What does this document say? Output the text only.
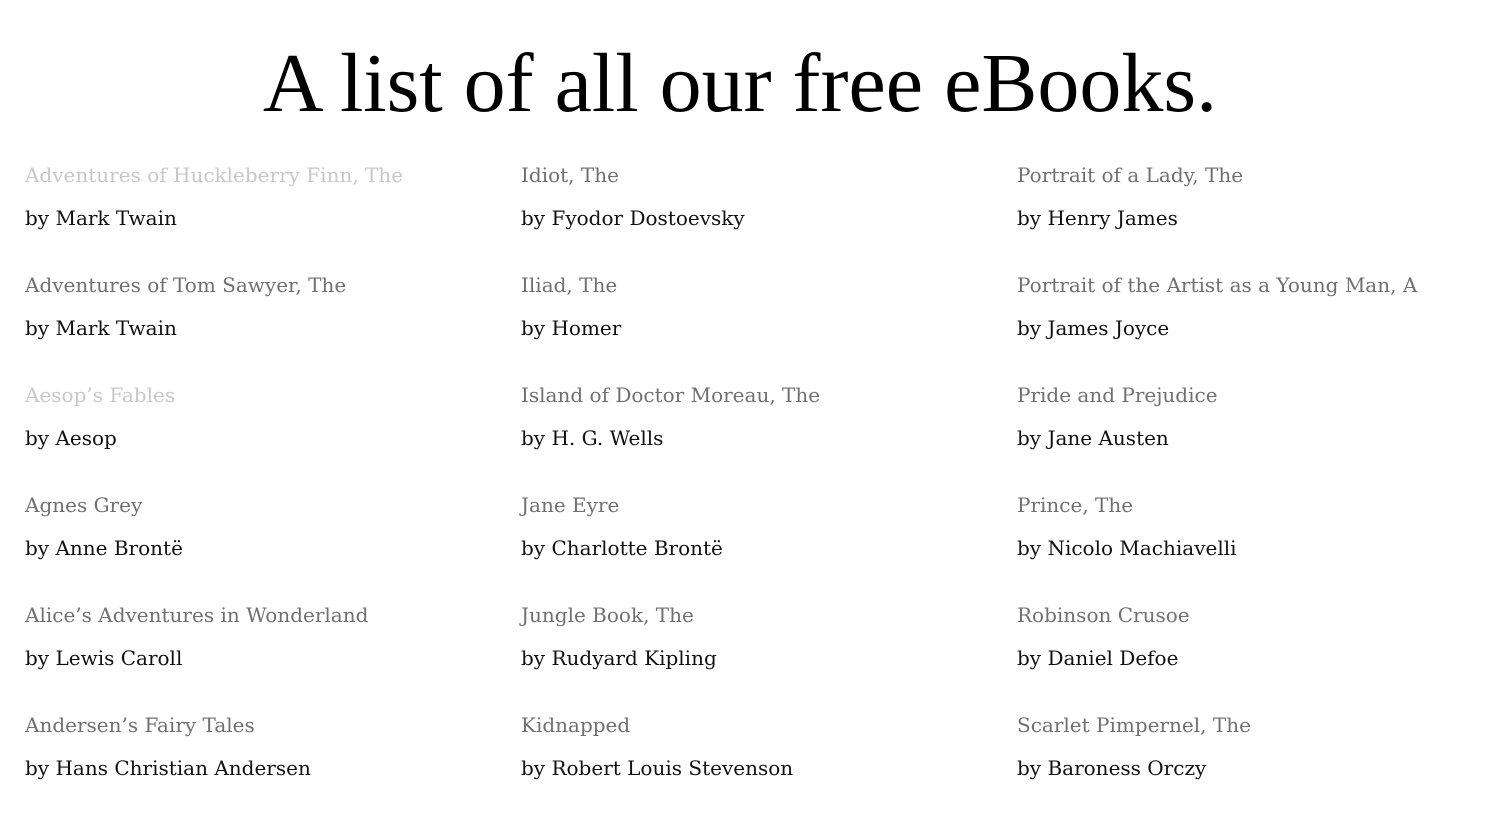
A list of all our free eBooks.
Adventures of Huckleberry Finn, The
by Mark Twain
Adventures of Tom Sawyer, The
by Mark Twain
Aesop’s Fables
by Aesop
Agnes Grey
by Anne Brontë
Alice’s Adventures in Wonderland
by Lewis Caroll
Andersen’s Fairy Tales
by Hans Christian Andersen
Idiot, The
by Fyodor Dostoevsky
Iliad, The
by Homer
Island of Doctor Moreau, The
by H. G. Wells
Jane Eyre
by Charlotte Brontë
Jungle Book, The
by Rudyard Kipling
Kidnapped
by Robert Louis Stevenson
Portrait of a Lady, The
by Henry James
Portrait of the Artist as a Young Man, A
by James Joyce
Pride and Prejudice
by Jane Austen
Prince, The
by Nicolo Machiavelli
Robinson Crusoe
by Daniel Defoe
Scarlet Pimpernel, The
by Baroness Orczy
